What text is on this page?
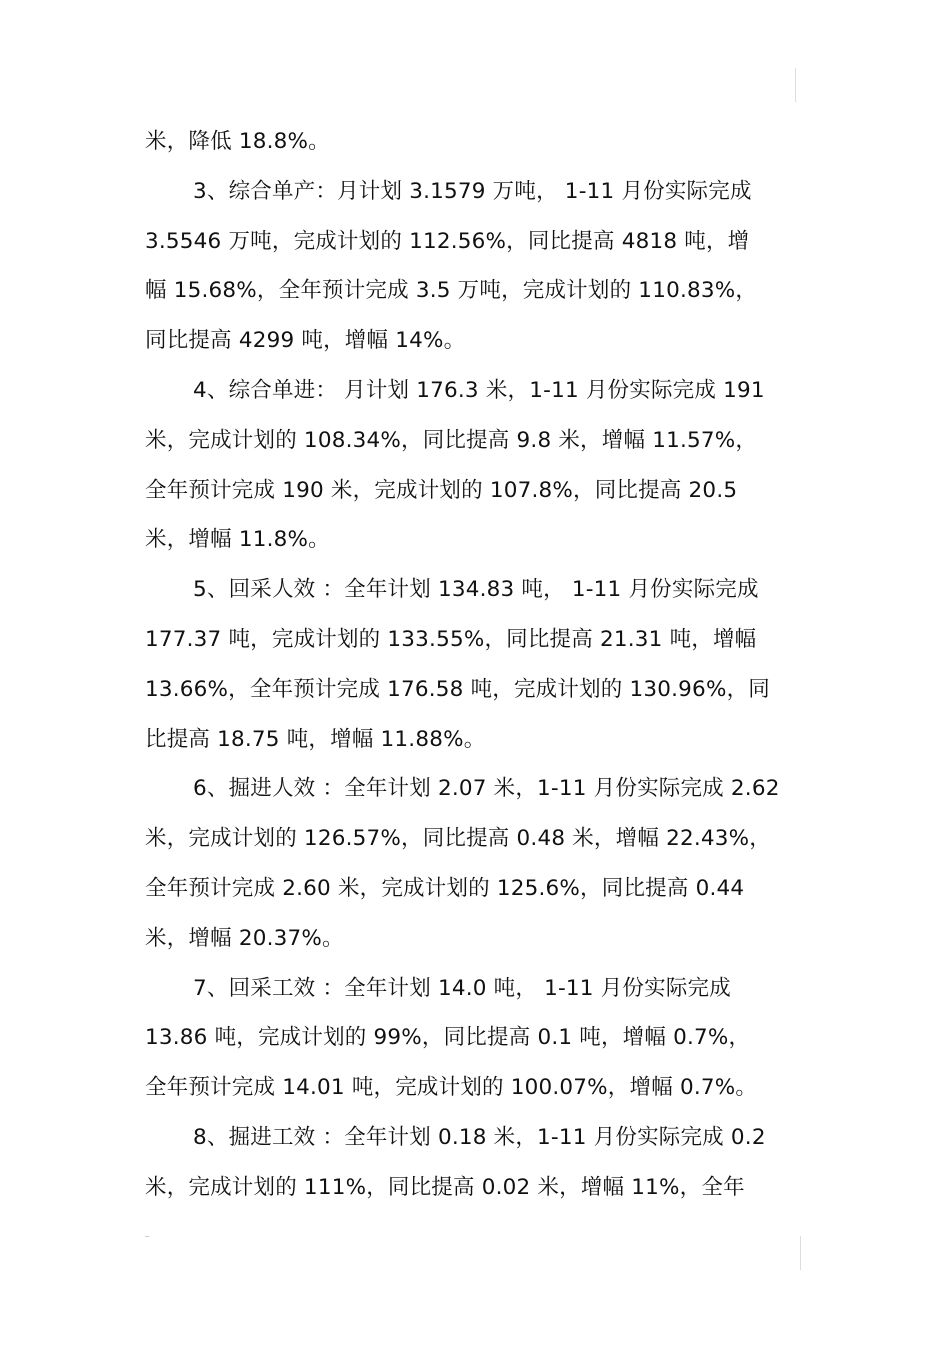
米，降低 18.8%。
3、综合单产：月计划 3.1579 万吨， 1-11 月份实际完成
3.5546 万吨，完成计划的 112.56%，同比提高 4818 吨，增
幅 15.68%，全年预计完成 3.5 万吨，完成计划的 110.83%，
同比提高 4299 吨，增幅 14%。
4、综合单进： 月计划 176.3 米，1-11 月份实际完成 191
米，完成计划的 108.34%，同比提高 9.8 米，增幅 11.57%，
全年预计完成 190 米，完成计划的 107.8%，同比提高 20.5
米，增幅 11.8%。
5、回采人效 ：全年计划 134.83 吨， 1-11 月份实际完成
177.37 吨，完成计划的 133.55%，同比提高 21.31 吨，增幅
13.66%，全年预计完成 176.58 吨，完成计划的 130.96%，同
比提高 18.75 吨，增幅 11.88%。
6、掘进人效 ：全年计划 2.07 米，1-11 月份实际完成 2.62
米，完成计划的 126.57%，同比提高 0.48 米，增幅 22.43%，
全年预计完成 2.60 米，完成计划的 125.6%，同比提高 0.44
米，增幅 20.37%。
7、回采工效 ：全年计划 14.0 吨， 1-11 月份实际完成
13.86 吨，完成计划的 99%，同比提高 0.1 吨，增幅 0.7%，
全年预计完成 14.01 吨，完成计划的 100.07%，增幅 0.7%。
8、掘进工效 ：全年计划 0.18 米，1-11 月份实际完成 0.2
米，完成计划的 111%，同比提高 0.02 米，增幅 11%，全年
